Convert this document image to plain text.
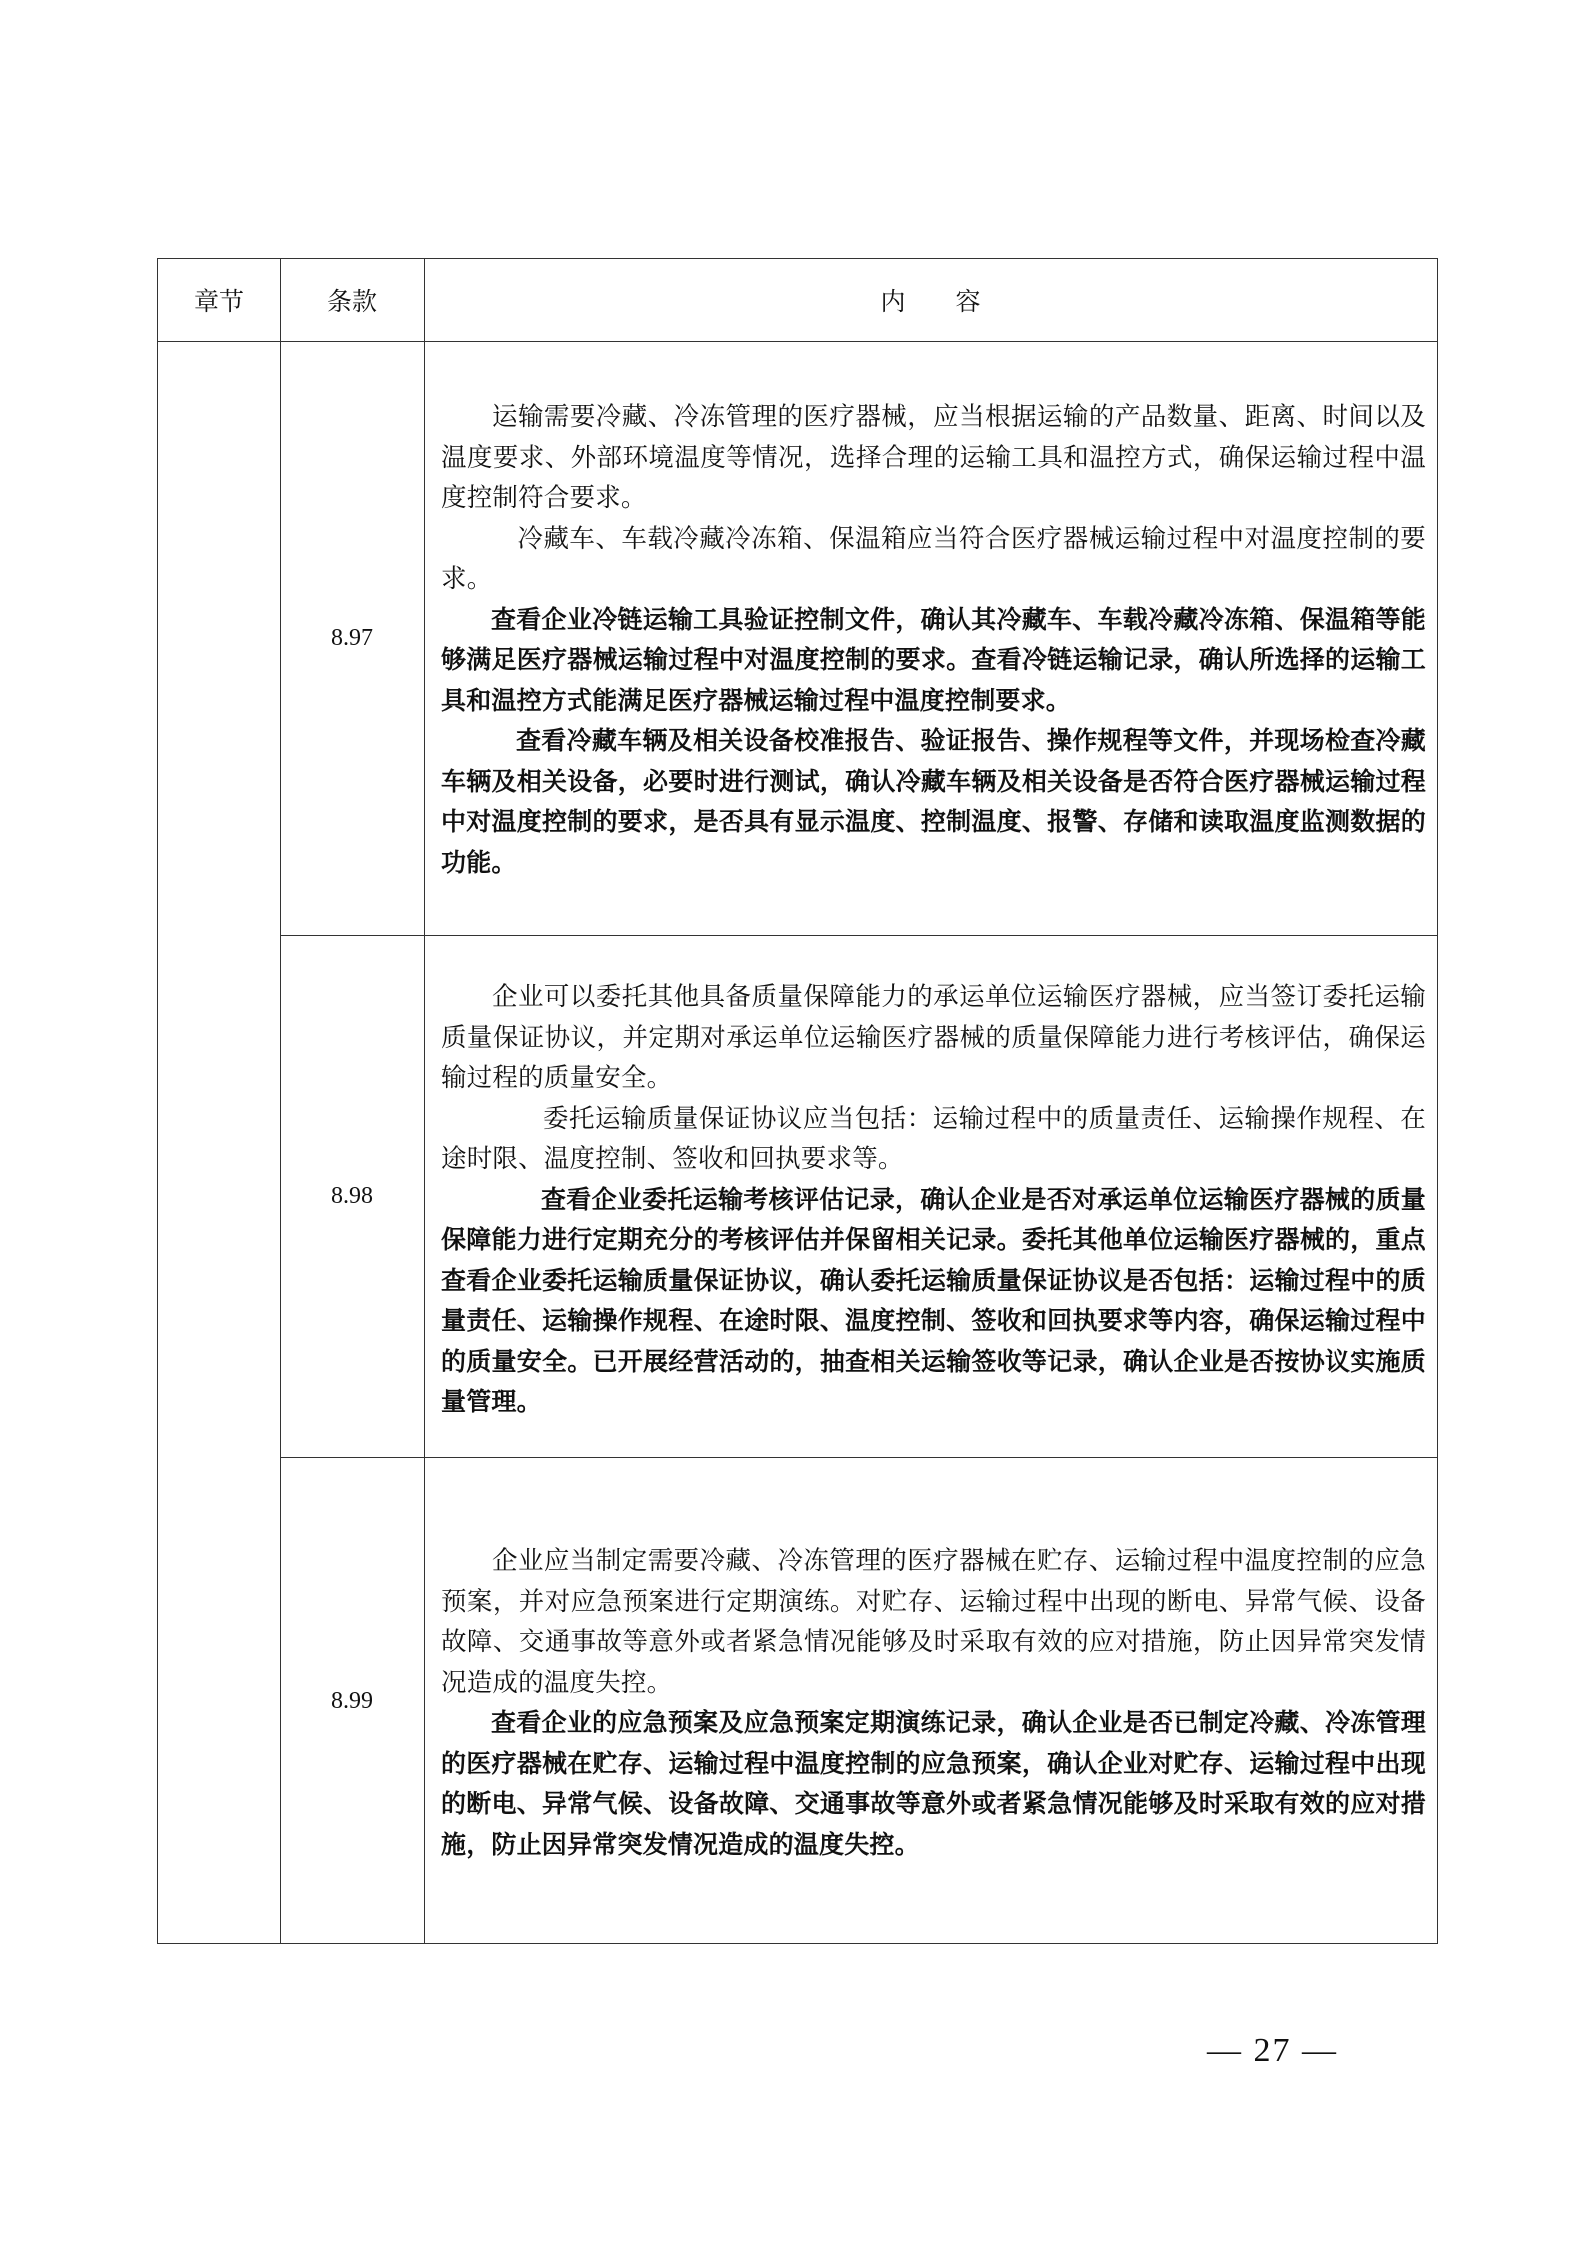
章节	条款	内　　容
8.97
8.98
8.99

运输需要冷藏、冷冻管理的医疗器械，应当根据运输的产品数量、距离、时间以及温度要求、外部环境温度等情况，选择合理的运输工具和温控方式，确保运输过程中温度控制符合要求。

冷藏车、车载冷藏冷冻箱、保温箱应当符合医疗器械运输过程中对温度控制的要求。

查看企业冷链运输工具验证控制文件，确认其冷藏车、车载冷藏冷冻箱、保温箱等能够满足医疗器械运输过程中对温度控制的要求。查看冷链运输记录，确认所选择的运输工具和温控方式能满足医疗器械运输过程中温度控制要求。

查看冷藏车辆及相关设备校准报告、验证报告、操作规程等文件，并现场检查冷藏车辆及相关设备，必要时进行测试，确认冷藏车辆及相关设备是否符合医疗器械运输过程中对温度控制的要求，是否具有显示温度、控制温度、报警、存储和读取温度监测数据的功能。

企业可以委托其他具备质量保障能力的承运单位运输医疗器械，应当签订委托运输质量保证协议，并定期对承运单位运输医疗器械的质量保障能力进行考核评估，确保运输过程的质量安全。

委托运输质量保证协议应当包括：运输过程中的质量责任、运输操作规程、在途时限、温度控制、签收和回执要求等。

查看企业委托运输考核评估记录，确认企业是否对承运单位运输医疗器械的质量保障能力进行定期充分的考核评估并保留相关记录。委托其他单位运输医疗器械的，重点查看企业委托运输质量保证协议，确认委托运输质量保证协议是否包括：运输过程中的质量责任、运输操作规程、在途时限、温度控制、签收和回执要求等内容，确保运输过程中的质量安全。已开展经营活动的，抽查相关运输签收等记录，确认企业是否按协议实施质量管理。

企业应当制定需要冷藏、冷冻管理的医疗器械在贮存、运输过程中温度控制的应急预案，并对应急预案进行定期演练。对贮存、运输过程中出现的断电、异常气候、设备故障、交通事故等意外或者紧急情况能够及时采取有效的应对措施，防止因异常突发情况造成的温度失控。

查看企业的应急预案及应急预案定期演练记录，确认企业是否已制定冷藏、冷冻管理的医疗器械在贮存、运输过程中温度控制的应急预案，确认企业对贮存、运输过程中出现的断电、异常气候、设备故障、交通事故等意外或者紧急情况能够及时采取有效的应对措施，防止因异常突发情况造成的温度失控。

— 27 —
